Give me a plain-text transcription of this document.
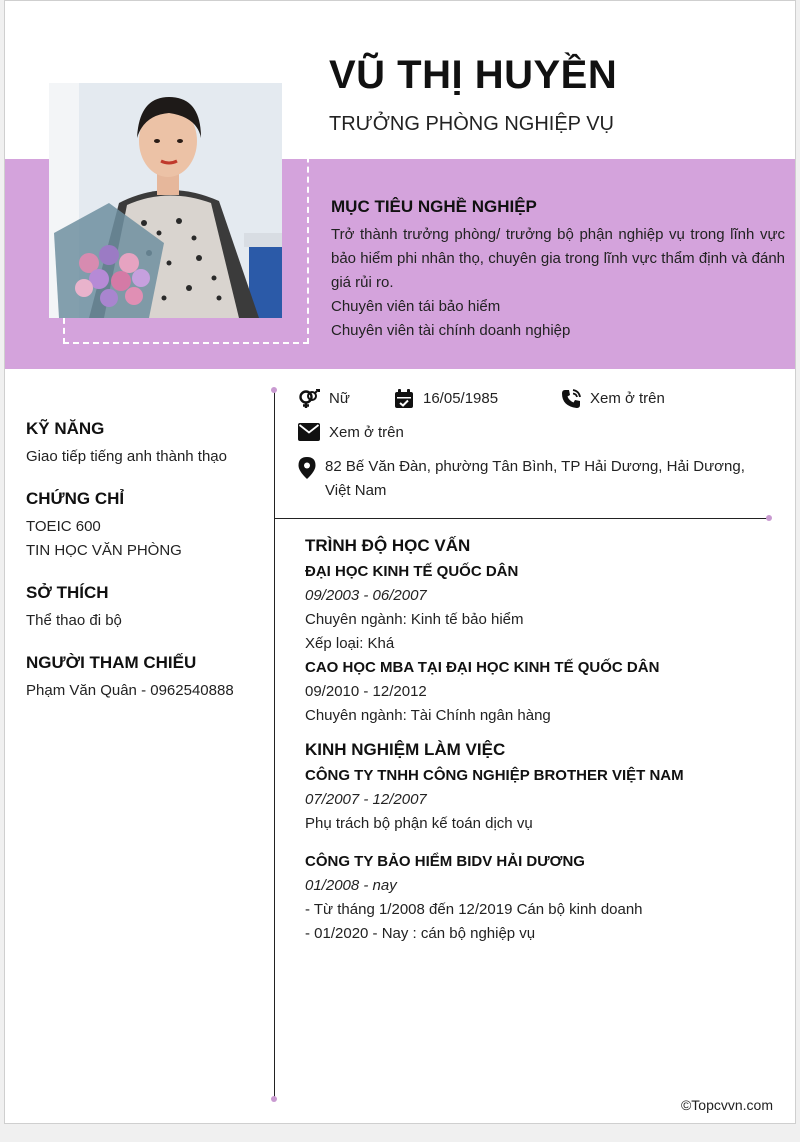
VŨ THỊ HUYỀN
TRƯỞNG PHÒNG NGHIỆP VỤ
MỤC TIÊU NGHỀ NGHIỆP

Trở thành trưởng phòng/ trưởng bộ phận nghiệp vụ trong lĩnh vực bảo hiểm phi nhân thọ, chuyên gia trong lĩnh vực thẩm định và đánh giá rủi ro.

Chuyên viên tái bảo hiểm

Chuyên viên tài chính doanh nghiệp

Nữ	16/05/1985	Xem ở trên
Xem ở trên
82 Bế Văn Đàn, phường Tân Bình, TP Hải Dương, Hải Dương, Việt Nam
KỸ NĂNG
Giao tiếp tiếng anh thành thạo
CHỨNG CHỈ
TOEIC 600
TIN HỌC VĂN PHÒNG
SỞ THÍCH
Thể thao đi bộ
NGƯỜI THAM CHIẾU
Phạm Văn Quân - 0962540888
TRÌNH ĐỘ HỌC VẤN
ĐẠI HỌC KINH TẾ QUỐC DÂN
09/2003 - 06/2007
Chuyên ngành: Kinh tế bảo hiểm
Xếp loại: Khá
CAO HỌC MBA TẠI ĐẠI HỌC KINH TẾ QUỐC DÂN
09/2010 - 12/2012
Chuyên ngành: Tài Chính ngân hàng
KINH NGHIỆM LÀM VIỆC
CÔNG TY TNHH CÔNG NGHIỆP BROTHER VIỆT NAM
07/2007 - 12/2007
Phụ trách bộ phận kế toán dịch vụ
CÔNG TY BẢO HIỂM BIDV HẢI DƯƠNG
01/2008 - nay
- Từ tháng 1/2008 đến 12/2019 Cán bộ kinh doanh
- 01/2020 - Nay : cán bộ nghiệp vụ
©Topcvvn.com
